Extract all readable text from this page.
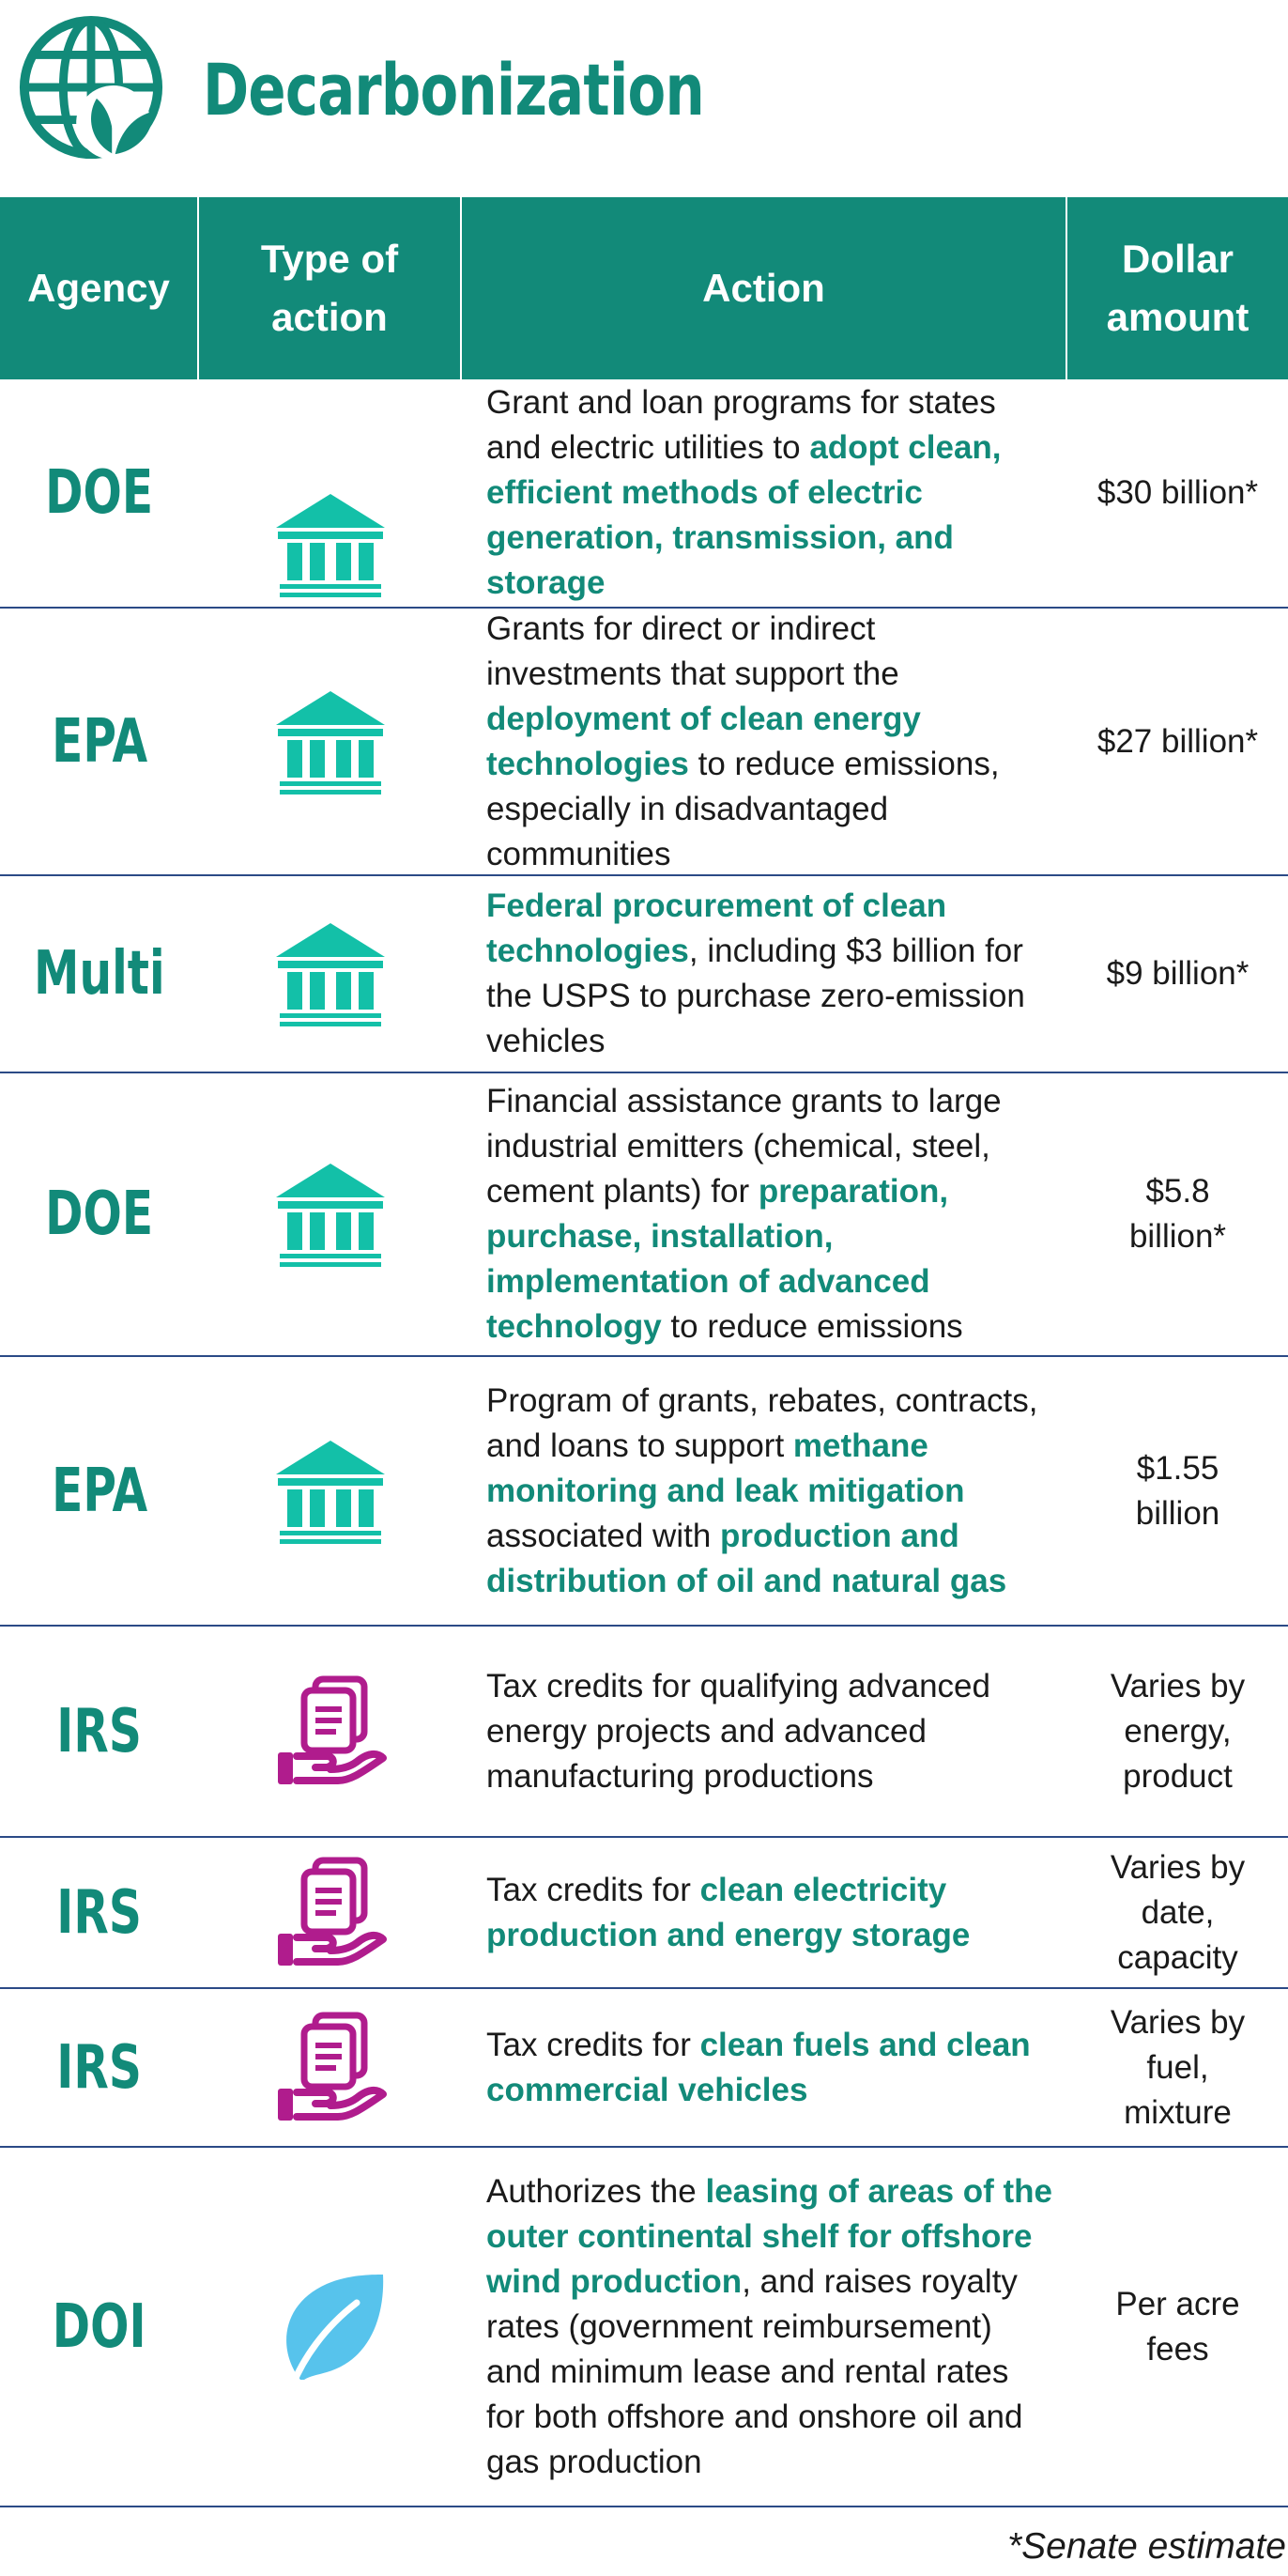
Decarbonization
Agency
Type of action
Action
Dollar amount
DOE
Grant and loan programs for states and electric utilities to adopt clean, efficient methods of electric generation, transmission, and storage
$30 billion*
EPA
Grants for direct or indirect investments that support the deployment of clean energy technologies to reduce emissions, especially in disadvantaged communities
$27 billion*
Multi
Federal procurement of clean technologies, including $3 billion for the USPS to purchase zero-emission vehicles
$9 billion*
DOE
Financial assistance grants to large industrial emitters (chemical, steel, cement plants) for preparation, purchase, installation, implementation of advanced technology to reduce emissions
$5.8 billion*
EPA
Program of grants, rebates, contracts, and loans to support methane monitoring and leak mitigation associated with production and distribution of oil and natural gas
$1.55 billion
IRS
Tax credits for qualifying advanced energy projects and advanced manufacturing productions
Varies by energy, product
IRS	Tax credits for clean electricity production and energy storage
Varies by date, capacity
IRS	Tax credits for clean fuels and clean commercial vehicles
Varies by fuel, mixture
DOI
Authorizes the leasing of areas of the outer continental shelf for offshore wind production, and raises royalty rates (government reimbursement) and minimum lease and rental rates for both offshore and onshore oil and gas production
Per acre fees
*Senate estimate
